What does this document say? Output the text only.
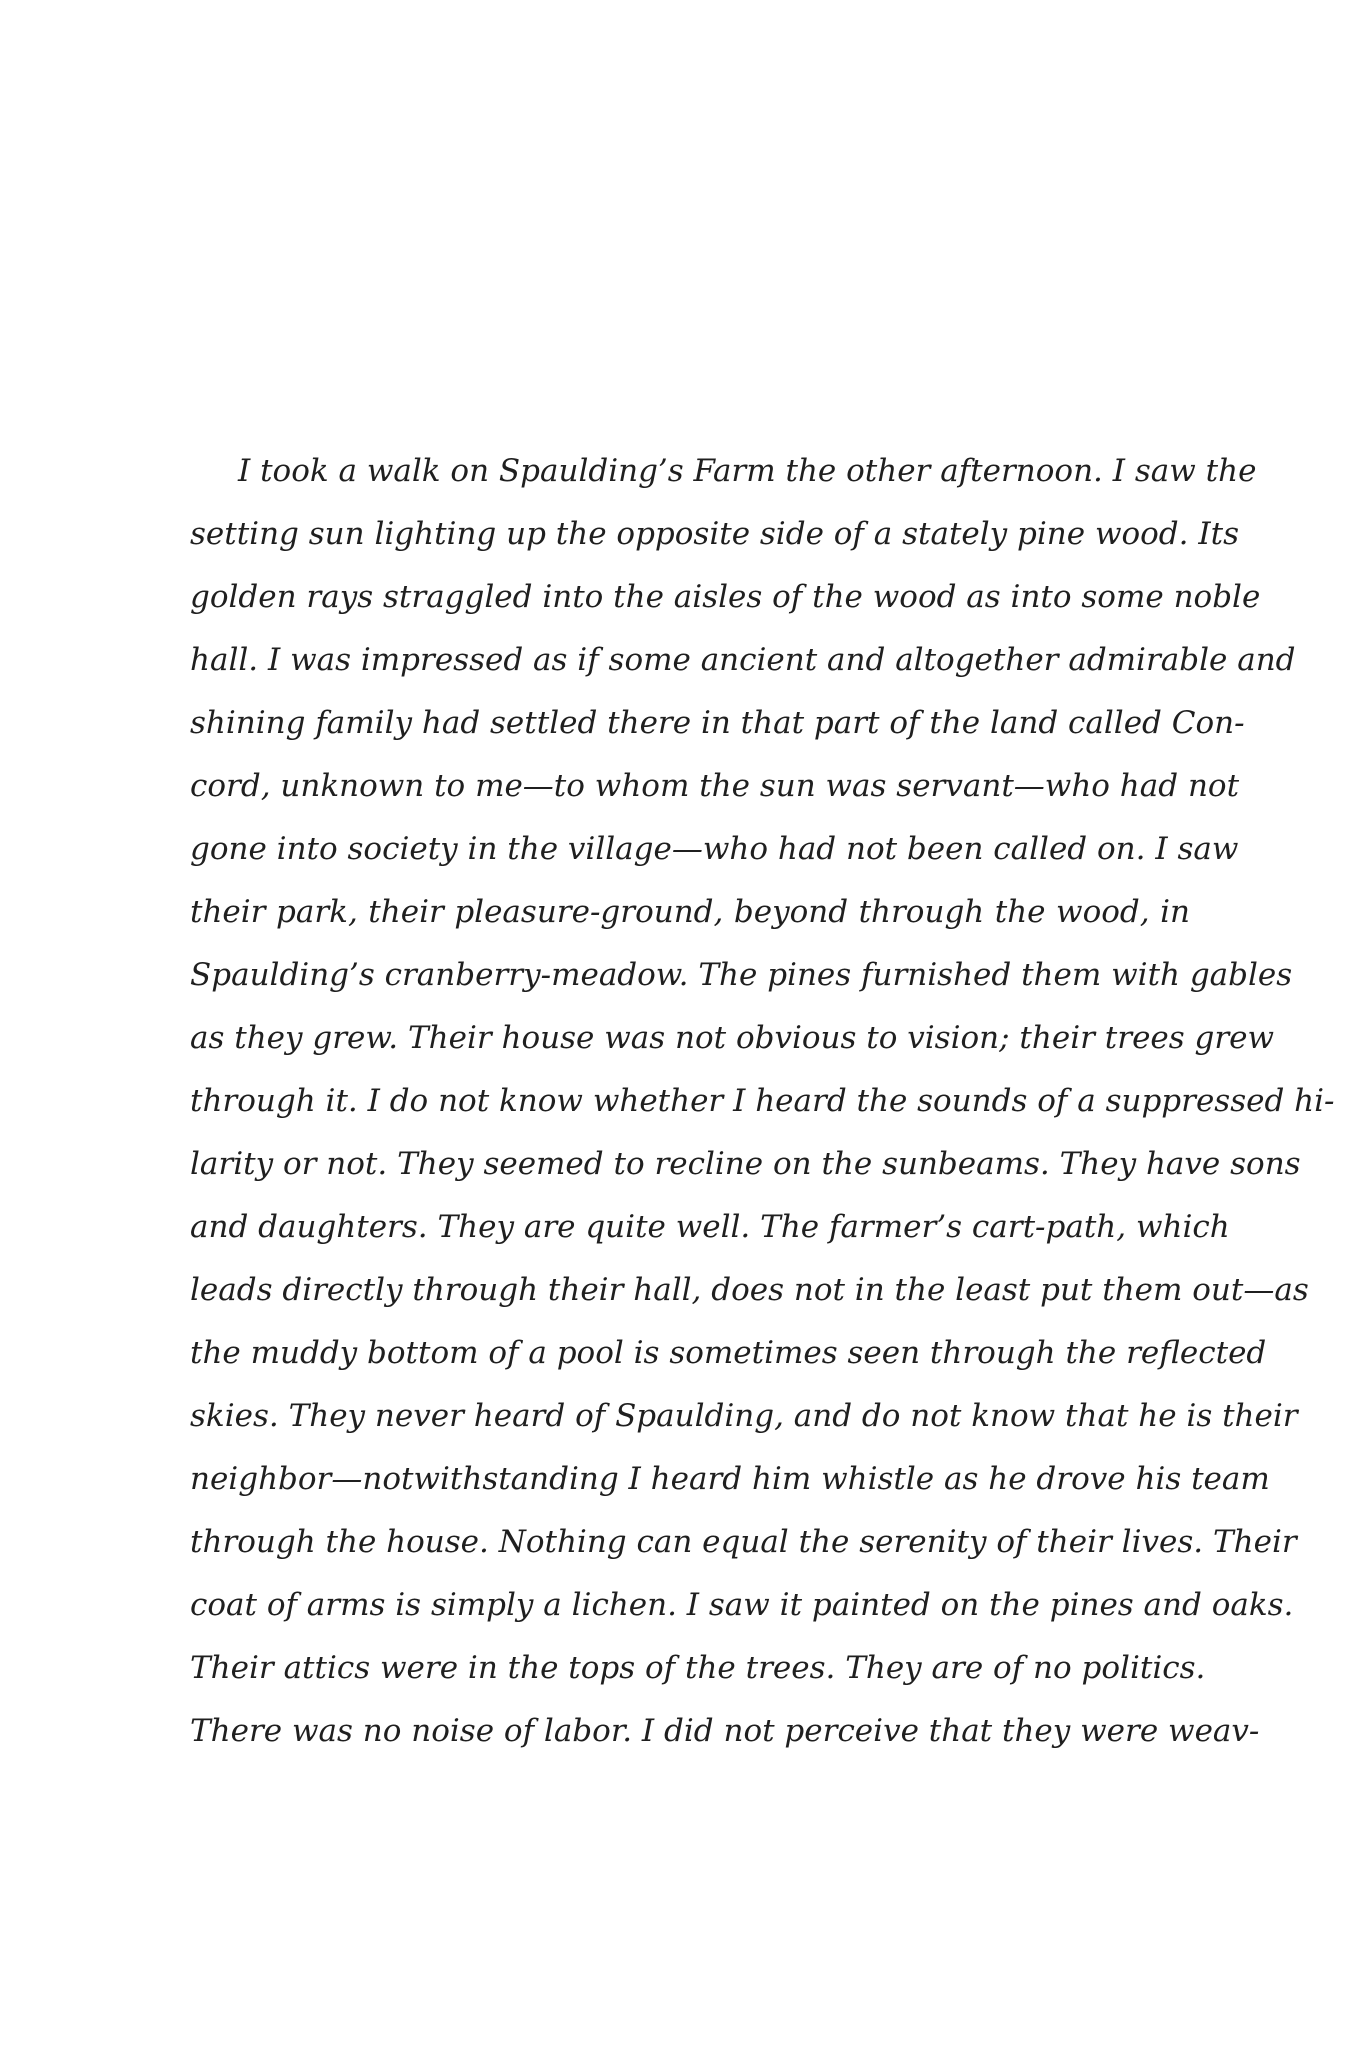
I took a walk on Spaulding’s Farm the other afternoon. I saw the
setting sun lighting up the opposite side of a stately pine wood. Its
golden rays straggled into the aisles of the wood as into some noble
hall. I was impressed as if some ancient and altogether admirable and
shining family had settled there in that part of the land called Con-
cord, unknown to me—to whom the sun was servant—who had not
gone into society in the village—who had not been called on. I saw
their park, their pleasure-ground, beyond through the wood, in
Spaulding’s cranberry-meadow. The pines furnished them with gables
as they grew. Their house was not obvious to vision; their trees grew
through it. I do not know whether I heard the sounds of a suppressed hi-
larity or not. They seemed to recline on the sunbeams. They have sons
and daughters. They are quite well. The farmer’s cart-path, which
leads directly through their hall, does not in the least put them out—as
the muddy bottom of a pool is sometimes seen through the reflected
skies. They never heard of Spaulding, and do not know that he is their
neighbor—notwithstanding I heard him whistle as he drove his team
through the house. Nothing can equal the serenity of their lives. Their
coat of arms is simply a lichen. I saw it painted on the pines and oaks.
Their attics were in the tops of the trees. They are of no politics.
There was no noise of labor. I did not perceive that they were weav-
